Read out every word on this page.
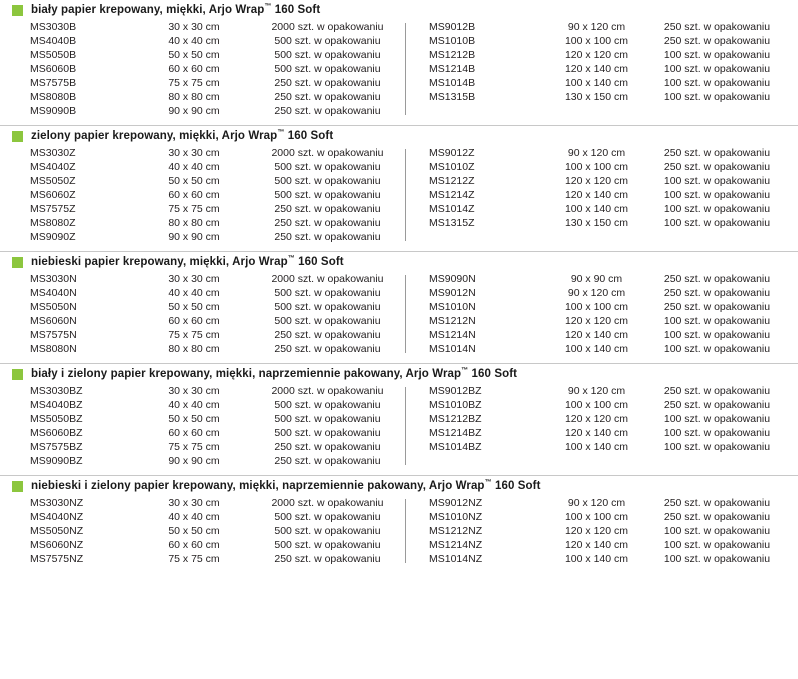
biały papier krepowany, miękki, Arjo Wrap™ 160 Soft
MS3030B	30 x 30 cm	2000 szt. w opakowaniu
MS4040B	40 x 40 cm	500 szt. w opakowaniu
MS5050B	50 x 50 cm	500 szt. w opakowaniu
MS6060B	60 x 60 cm	500 szt. w opakowaniu
MS7575B	75 x 75 cm	250 szt. w opakowaniu
MS8080B	80 x 80 cm	250 szt. w opakowaniu
MS9090B	90 x 90 cm	250 szt. w opakowaniu
MS9012B	90 x 120 cm	250 szt. w opakowaniu
MS1010B	100 x 100 cm	250 szt. w opakowaniu
MS1212B	120 x 120 cm	100 szt. w opakowaniu
MS1214B	120 x 140 cm	100 szt. w opakowaniu
MS1014B	100 x 140 cm	100 szt. w opakowaniu
MS1315B	130 x 150 cm	100 szt. w opakowaniu
zielony papier krepowany, miękki, Arjo Wrap™ 160 Soft
MS3030Z	30 x 30 cm	2000 szt. w opakowaniu
MS4040Z	40 x 40 cm	500 szt. w opakowaniu
MS5050Z	50 x 50 cm	500 szt. w opakowaniu
MS6060Z	60 x 60 cm	500 szt. w opakowaniu
MS7575Z	75 x 75 cm	250 szt. w opakowaniu
MS8080Z	80 x 80 cm	250 szt. w opakowaniu
MS9090Z	90 x 90 cm	250 szt. w opakowaniu
MS9012Z	90 x 120 cm	250 szt. w opakowaniu
MS1010Z	100 x 100 cm	250 szt. w opakowaniu
MS1212Z	120 x 120 cm	100 szt. w opakowaniu
MS1214Z	120 x 140 cm	100 szt. w opakowaniu
MS1014Z	100 x 140 cm	100 szt. w opakowaniu
MS1315Z	130 x 150 cm	100 szt. w opakowaniu
niebieski papier krepowany, miękki, Arjo Wrap™ 160 Soft
MS3030N	30 x 30 cm	2000 szt. w opakowaniu
MS4040N	40 x 40 cm	500 szt. w opakowaniu
MS5050N	50 x 50 cm	500 szt. w opakowaniu
MS6060N	60 x 60 cm	500 szt. w opakowaniu
MS7575N	75 x 75 cm	250 szt. w opakowaniu
MS8080N	80 x 80 cm	250 szt. w opakowaniu
MS9090N	90 x 90 cm	250 szt. w opakowaniu
MS9012N	90 x 120 cm	250 szt. w opakowaniu
MS1010N	100 x 100 cm	250 szt. w opakowaniu
MS1212N	120 x 120 cm	100 szt. w opakowaniu
MS1214N	120 x 140 cm	100 szt. w opakowaniu
MS1014N	100 x 140 cm	100 szt. w opakowaniu
biały i zielony papier krepowany, miękki, naprzemiennie pakowany, Arjo Wrap™ 160 Soft
MS3030BZ	30 x 30 cm	2000 szt. w opakowaniu
MS4040BZ	40 x 40 cm	500 szt. w opakowaniu
MS5050BZ	50 x 50 cm	500 szt. w opakowaniu
MS6060BZ	60 x 60 cm	500 szt. w opakowaniu
MS7575BZ	75 x 75 cm	250 szt. w opakowaniu
MS9090BZ	90 x 90 cm	250 szt. w opakowaniu
MS9012BZ	90 x 120 cm	250 szt. w opakowaniu
MS1010BZ	100 x 100 cm	250 szt. w opakowaniu
MS1212BZ	120 x 120 cm	100 szt. w opakowaniu
MS1214BZ	120 x 140 cm	100 szt. w opakowaniu
MS1014BZ	100 x 140 cm	100 szt. w opakowaniu
niebieski i zielony papier krepowany, miękki, naprzemiennie pakowany, Arjo Wrap™ 160 Soft
MS3030NZ	30 x 30 cm	2000 szt. w opakowaniu
MS4040NZ	40 x 40 cm	500 szt. w opakowaniu
MS5050NZ	50 x 50 cm	500 szt. w opakowaniu
MS6060NZ	60 x 60 cm	500 szt. w opakowaniu
MS7575NZ	75 x 75 cm	250 szt. w opakowaniu
MS9012NZ	90 x 120 cm	250 szt. w opakowaniu
MS1010NZ	100 x 100 cm	250 szt. w opakowaniu
MS1212NZ	120 x 120 cm	100 szt. w opakowaniu
MS1214NZ	120 x 140 cm	100 szt. w opakowaniu
MS1014NZ	100 x 140 cm	100 szt. w opakowaniu
